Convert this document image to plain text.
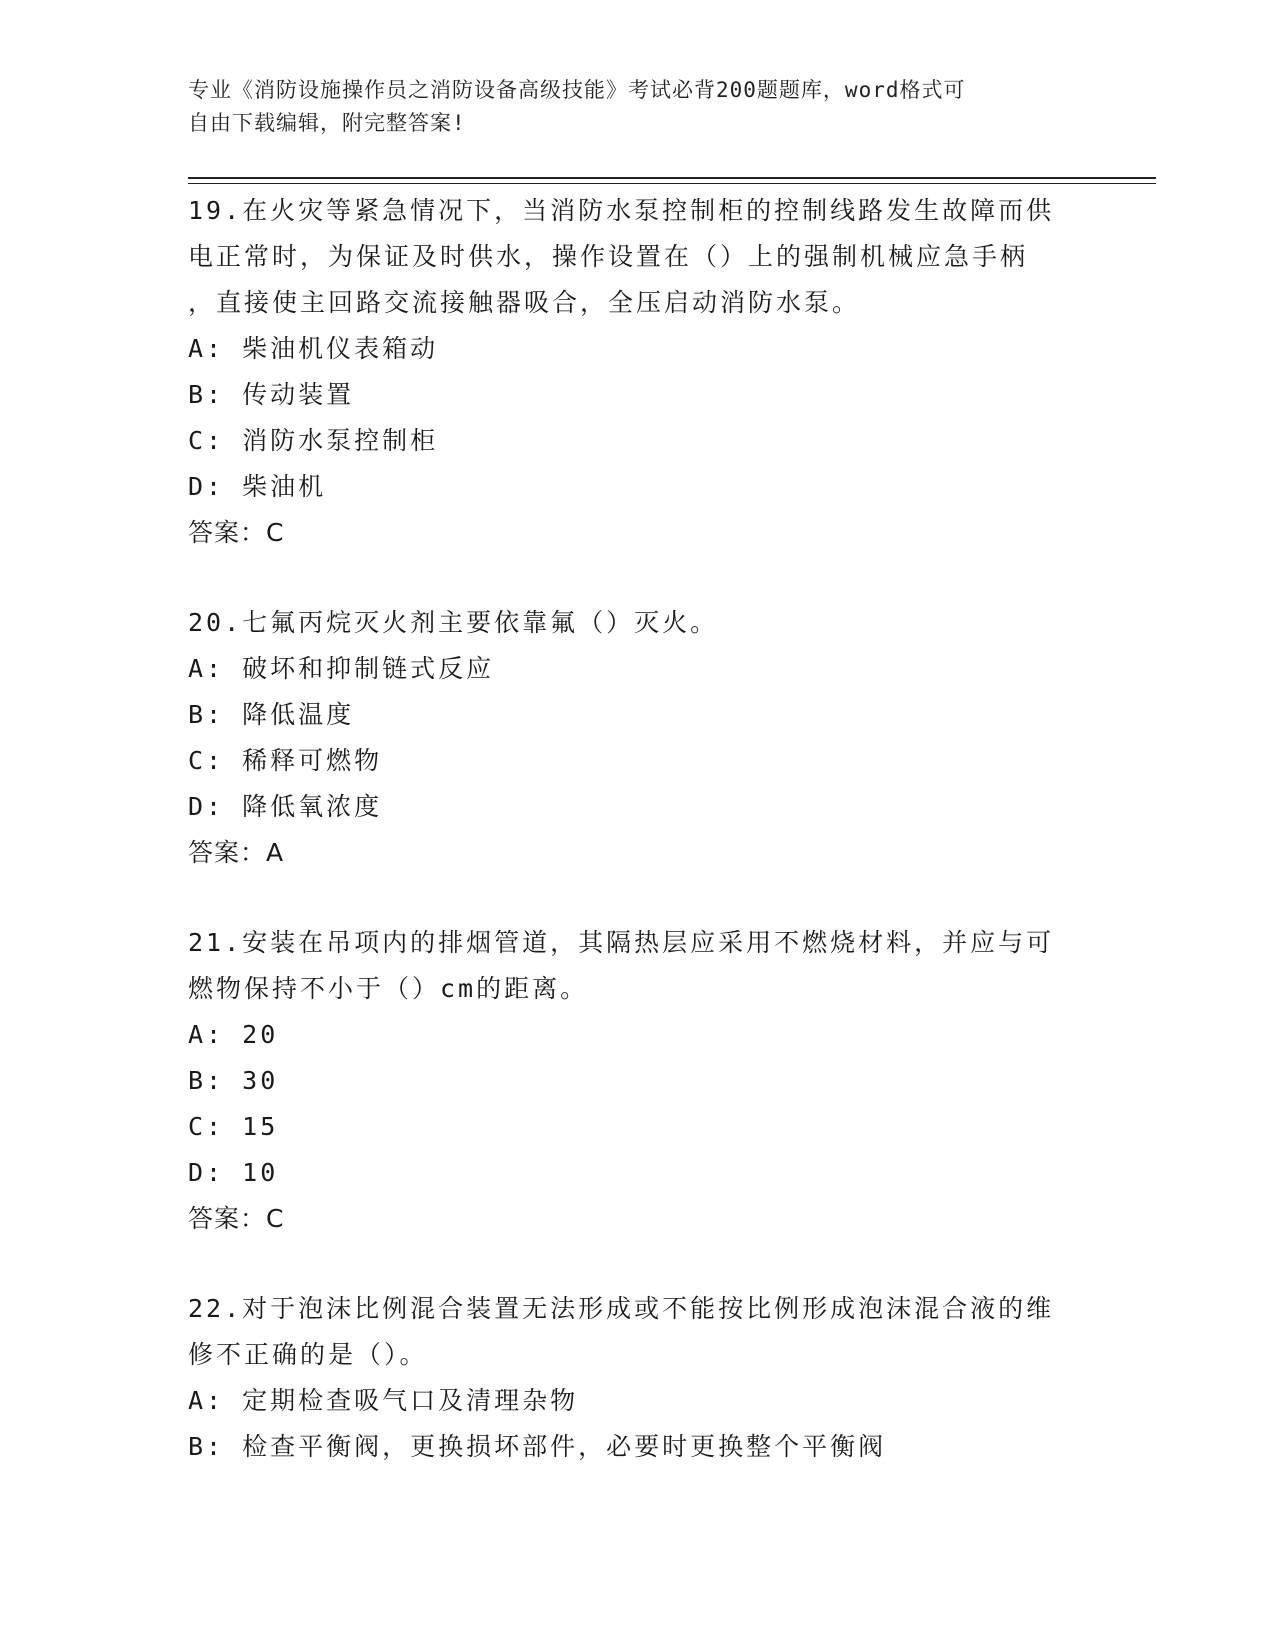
专业《消防设施操作员之消防设备高级技能》考试必背200题题库，word格式可
自由下载编辑，附完整答案!
19.在火灾等紧急情况下，当消防水泵控制柜的控制线路发生故障而供
电正常时，为保证及时供水，操作设置在（）上的强制机械应急手柄
，直接使主回路交流接触器吸合，全压启动消防水泵。
A: 柴油机仪表箱动
B: 传动装置
C: 消防水泵控制柜
D: 柴油机
答案：C
20.七氟丙烷灭火剂主要依靠氟（）灭火。
A: 破坏和抑制链式反应
B: 降低温度
C: 稀释可燃物
D: 降低氧浓度
答案：A
21.安装在吊项内的排烟管道，其隔热层应采用不燃烧材料，并应与可
燃物保持不小于（）cm的距离。
A: 20
B: 30
C: 15
D: 10
答案：C
22.对于泡沫比例混合装置无法形成或不能按比例形成泡沫混合液的维
修不正确的是（）。
A: 定期检查吸气口及清理杂物
B: 检查平衡阀，更换损坏部件，必要时更换整个平衡阀
